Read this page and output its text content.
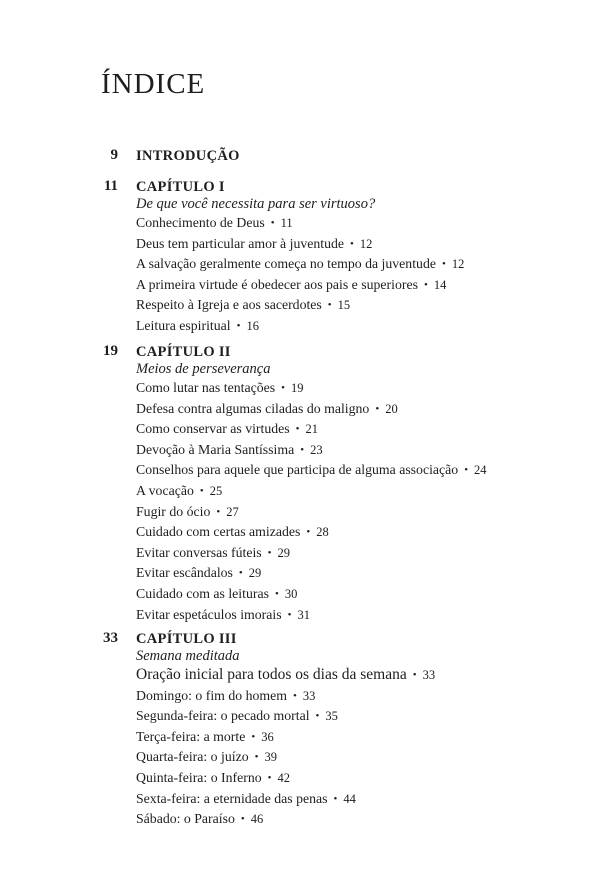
ÍNDICE
9 INTRODUÇÃO
11 CAPÍTULO I
De que você necessita para ser virtuoso?
Conhecimento de Deus • 11
Deus tem particular amor à juventude • 12
A salvação geralmente começa no tempo da juventude • 12
A primeira virtude é obedecer aos pais e superiores • 14
Respeito à Igreja e aos sacerdotes • 15
Leitura espiritual • 16
19 CAPÍTULO II
Meios de perseverança
Como lutar nas tentações • 19
Defesa contra algumas ciladas do maligno • 20
Como conservar as virtudes • 21
Devoção à Maria Santíssima • 23
Conselhos para aquele que participa de alguma associação • 24
A vocação • 25
Fugir do ócio • 27
Cuidado com certas amizades • 28
Evitar conversas fúteis • 29
Evitar escândalos • 29
Cuidado com as leituras • 30
Evitar espetáculos imorais • 31
33 CAPÍTULO III
Semana meditada
Oração inicial para todos os dias da semana • 33
Domingo: o fim do homem • 33
Segunda-feira: o pecado mortal • 35
Terça-feira: a morte • 36
Quarta-feira: o juízo • 39
Quinta-feira: o Inferno • 42
Sexta-feira: a eternidade das penas • 44
Sábado: o Paraíso • 46
